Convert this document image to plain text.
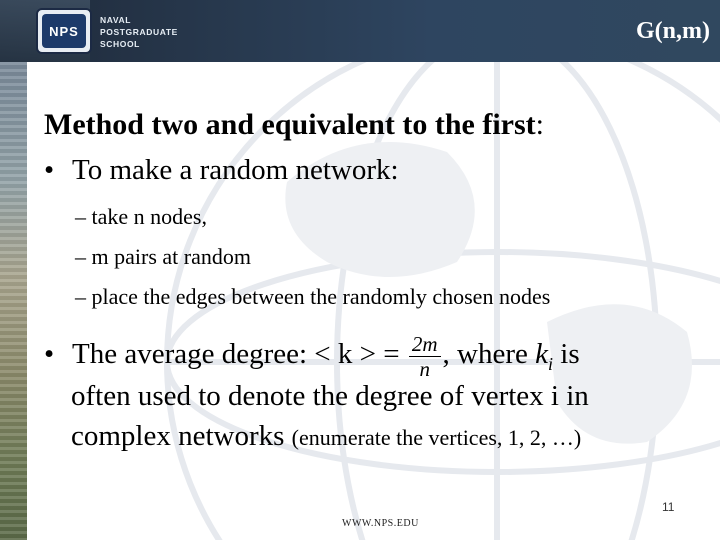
NPS
NAVAL
POSTGRADUATE
SCHOOL	G(n,m)
Method two and equivalent to the first:
• To make a random network:
– take n nodes,
– m pairs at random
– place the edges between the randomly chosen nodes
• The average degree: < k > = $\frac{2m}{n}$ , where $k_i$ is
often used to denote the degree of vertex i in
complex networks (enumerate the vertices, 1, 2, …)
11
WWW.NPS.EDU
